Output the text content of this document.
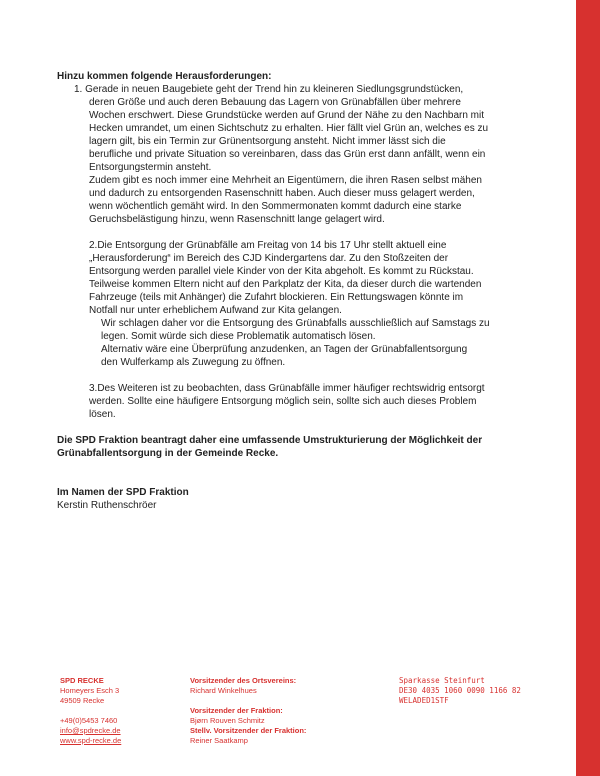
Hinzu kommen folgende Herausforderungen:

1. Gerade in neuen Baugebiete geht der Trend hin zu kleineren Siedlungsgrundstücken,

deren Größe und auch deren Bebauung das Lagern von Grünabfällen über mehrere

Wochen erschwert. Diese Grundstücke werden auf Grund der Nähe zu den Nachbarn mit

Hecken umrandet, um einen Sichtschutz zu erhalten. Hier fällt viel Grün an, welches es zu

lagern gilt, bis ein Termin zur Grünentsorgung ansteht. Nicht immer lässt sich die

berufliche und private Situation so vereinbaren, dass das Grün erst dann anfällt, wenn ein

Entsorgungstermin ansteht.

Zudem gibt es noch immer eine Mehrheit an Eigentümern, die ihren Rasen selbst mähen

und dadurch zu entsorgenden Rasenschnitt haben. Auch dieser muss gelagert werden,

wenn wöchentlich gemäht wird. In den Sommermonaten kommt dadurch eine starke

Geruchsbelästigung hinzu, wenn Rasenschnitt lange gelagert wird.

2.Die Entsorgung der Grünabfälle am Freitag von 14 bis 17 Uhr stellt aktuell eine

„Herausforderung“ im Bereich des CJD Kindergartens dar. Zu den Stoßzeiten der

Entsorgung werden parallel viele Kinder von der Kita abgeholt. Es kommt zu Rückstau.

Teilweise kommen Eltern nicht auf den Parkplatz der Kita, da dieser durch die wartenden

Fahrzeuge (teils mit Anhänger) die Zufahrt blockieren. Ein Rettungswagen könnte im

Notfall nur unter erheblichem Aufwand zur Kita gelangen.

Wir schlagen daher vor die Entsorgung des Grünabfalls ausschließlich auf Samstags zu

legen. Somit würde sich diese Problematik automatisch lösen.

Alternativ wäre eine Überprüfung anzudenken, an Tagen der Grünabfallentsorgung

den Wulferkamp als Zuwegung zu öffnen.

3.Des Weiteren ist zu beobachten, dass Grünabfälle immer häufiger rechtswidrig entsorgt

werden. Sollte eine häufigere Entsorgung möglich sein, sollte sich auch dieses Problem

lösen.

Die SPD Fraktion beantragt daher eine umfassende Umstrukturierung der Möglichkeit der

Grünabfallentsorgung in der Gemeinde Recke.

Im Namen der SPD Fraktion

Kerstin Ruthenschröer

SPD RECKE
Homeyers Esch 3
49509 Recke
+49(0)5453 7460
info@spdrecke.de
www.spd-recke.de
Vorsitzender des Ortsvereins:
Richard Winkelhues
Vorsitzender der Fraktion:
Bjørn Rouven Schmitz
Stellv. Vorsitzender der Fraktion:
Reiner Saatkamp
Sparkasse Steinfurt
DE30 4035 1060 0090 1166 82
WELADED1STF
